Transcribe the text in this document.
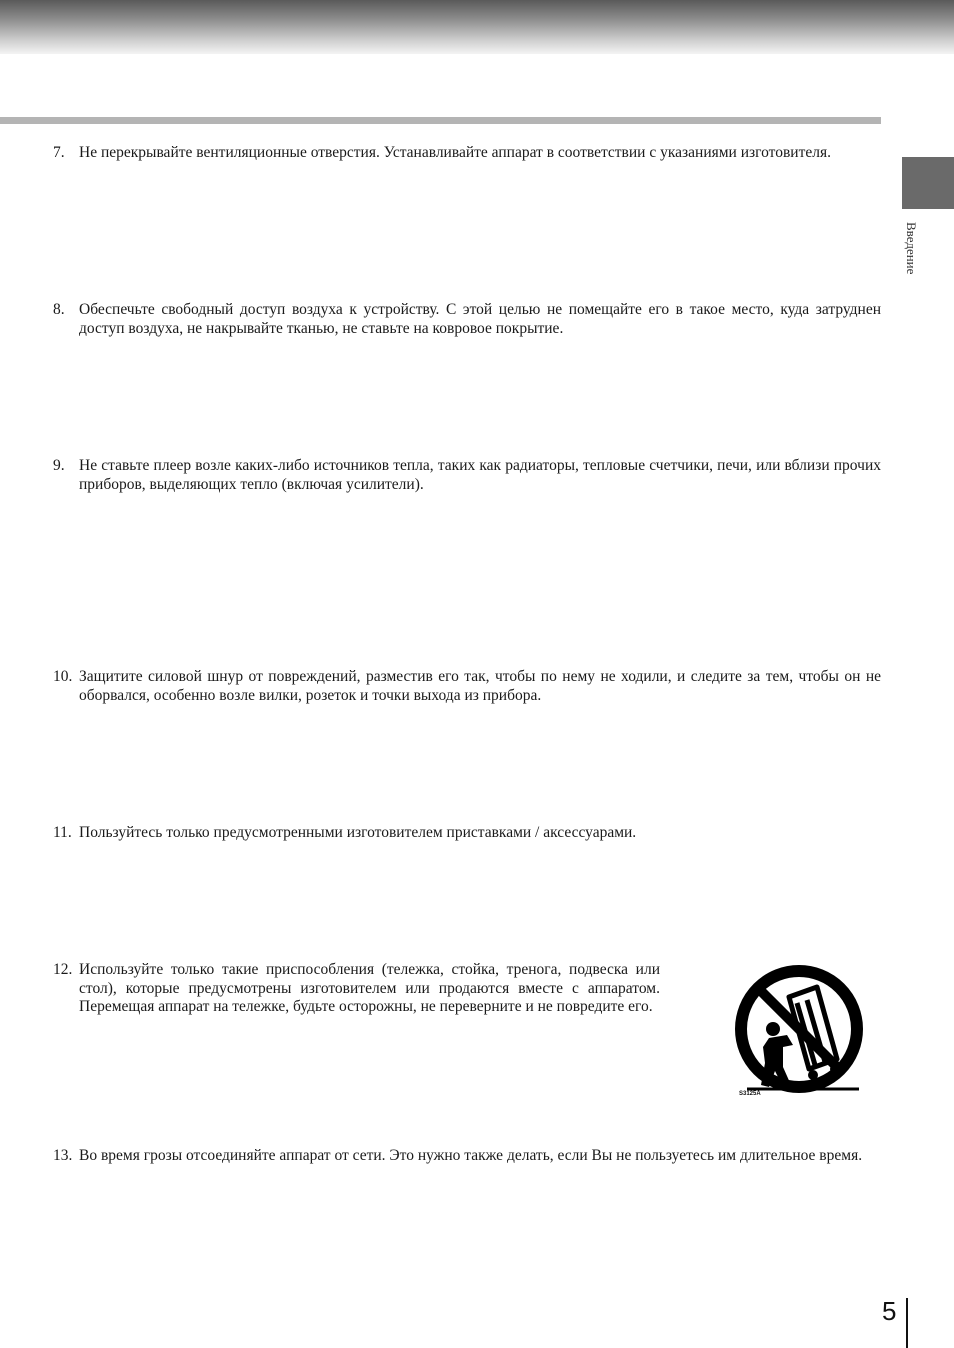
Введение
7. Не перекрывайте вентиляционные отверстия. Устанавливайте аппарат в соответствии с указаниями изготовителя.
8. Обеспечьте свободный доступ воздуха к устройству. С этой целью не помещайте его в такое место, куда затруднен доступ воздуха, не накрывайте тканью, не ставьте на ковровое покрытие.
9. Не ставьте плеер возле каких-либо источников тепла, таких как радиаторы, тепловые счетчики, печи, или вблизи прочих приборов, выделяющих тепло (включая усилители).
10. Защитите силовой шнур от повреждений, разместив его так, чтобы по нему не ходили, и следите за тем, чтобы он не оборвался, особенно возле вилки, розеток и точки выхода из прибора.
11. Пользуйтесь только предусмотренными изготовителем приставками / аксессуарами.
12. Используйте только такие приспособления (тележка, стойка, тренога, подвеска или стол), которые предусмотрены изготовителем или продаются вместе с аппаратом. Перемещая аппарат на тележке, будьте осторожны, не переверните и не повредите его.
S3125A
13. Во время грозы отсоединяйте аппарат от сети. Это нужно также делать, если Вы не пользуетесь им длительное время.
5
